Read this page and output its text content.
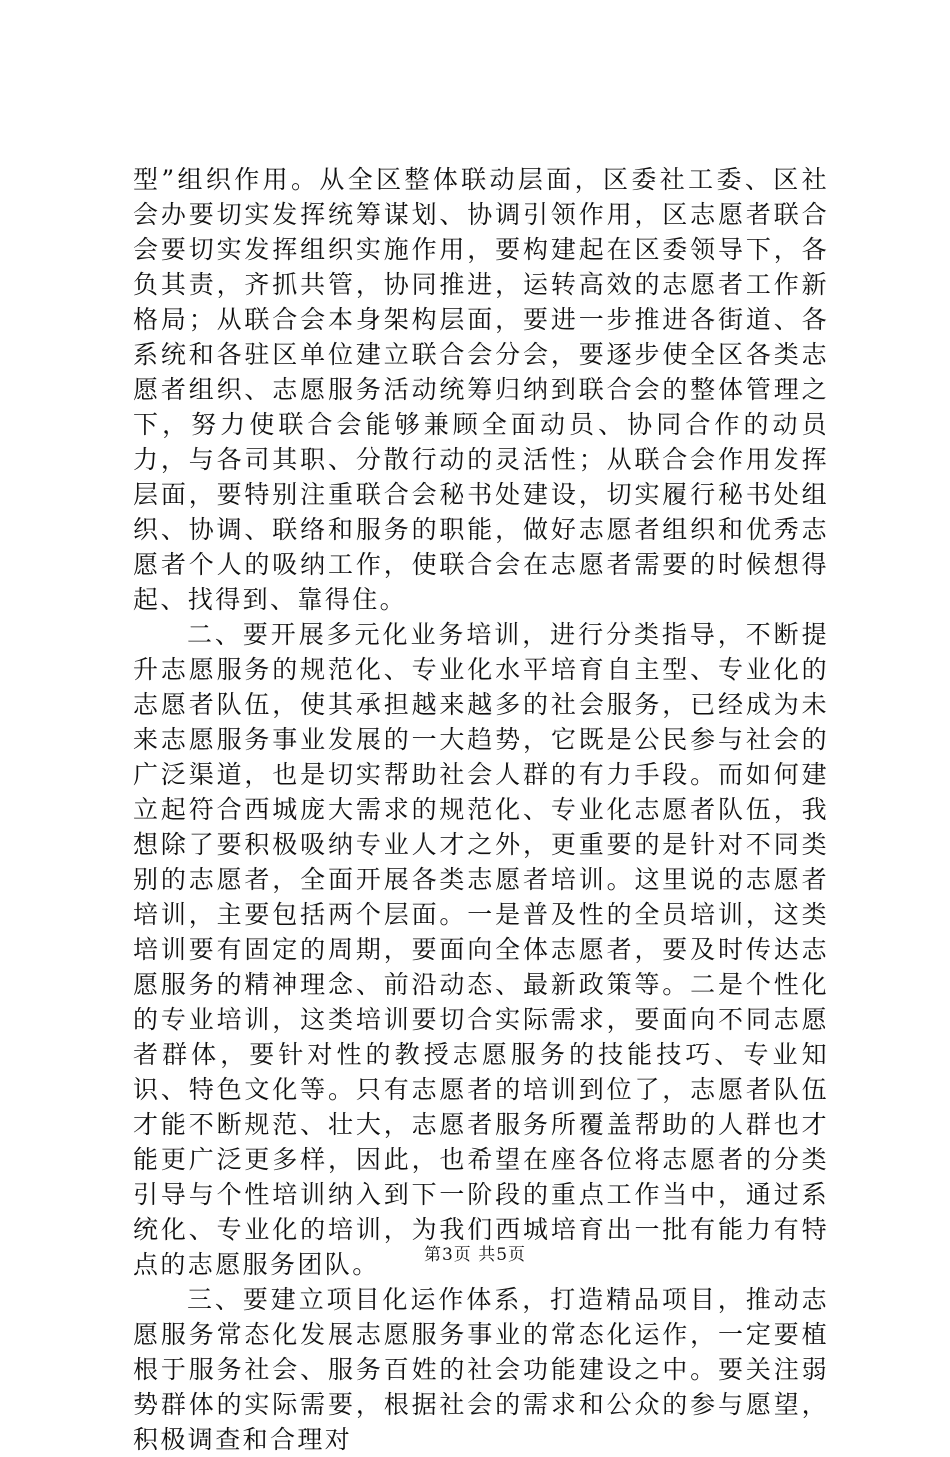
型”组织作用。从全区整体联动层面，区委社工委、区社会办要切实发挥统筹谋划、协调引领作用，区志愿者联合会要切实发挥组织实施作用，要构建起在区委领导下，各负其责，齐抓共管，协同推进，运转高效的志愿者工作新格局；从联合会本身架构层面，要进一步推进各街道、各系统和各驻区单位建立联合会分会，要逐步使全区各类志愿者组织、志愿服务活动统筹归纳到联合会的整体管理之下，努力使联合会能够兼顾全面动员、协同合作的动员力，与各司其职、分散行动的灵活性；从联合会作用发挥层面，要特别注重联合会秘书处建设，切实履行秘书处组织、协调、联络和服务的职能，做好志愿者组织和优秀志愿者个人的吸纳工作，使联合会在志愿者需要的时候想得起、找得到、靠得住。

二、要开展多元化业务培训，进行分类指导，不断提升志愿服务的规范化、专业化水平培育自主型、专业化的志愿者队伍，使其承担越来越多的社会服务，已经成为未来志愿服务事业发展的一大趋势，它既是公民参与社会的广泛渠道，也是切实帮助社会人群的有力手段。而如何建立起符合西城庞大需求的规范化、专业化志愿者队伍，我想除了要积极吸纳专业人才之外，更重要的是针对不同类别的志愿者，全面开展各类志愿者培训。这里说的志愿者培训，主要包括两个层面。一是普及性的全员培训，这类培训要有固定的周期，要面向全体志愿者，要及时传达志愿服务的精神理念、前沿动态、最新政策等。二是个性化的专业培训，这类培训要切合实际需求，要面向不同志愿者群体，要针对性的教授志愿服务的技能技巧、专业知识、特色文化等。只有志愿者的培训到位了，志愿者队伍才能不断规范、壮大，志愿者服务所覆盖帮助的人群也才能更广泛更多样，因此，也希望在座各位将志愿者的分类引导与个性培训纳入到下一阶段的重点工作当中，通过系统化、专业化的培训，为我们西城培育出一批有能力有特点的志愿服务团队。

三、要建立项目化运作体系，打造精品项目，推动志愿服务常态化发展志愿服务事业的常态化运作，一定要植根于服务社会、服务百姓的社会功能建设之中。要关注弱势群体的实际需要，根据社会的需求和公众的参与愿望，积极调查和合理对

第3页 共5页
